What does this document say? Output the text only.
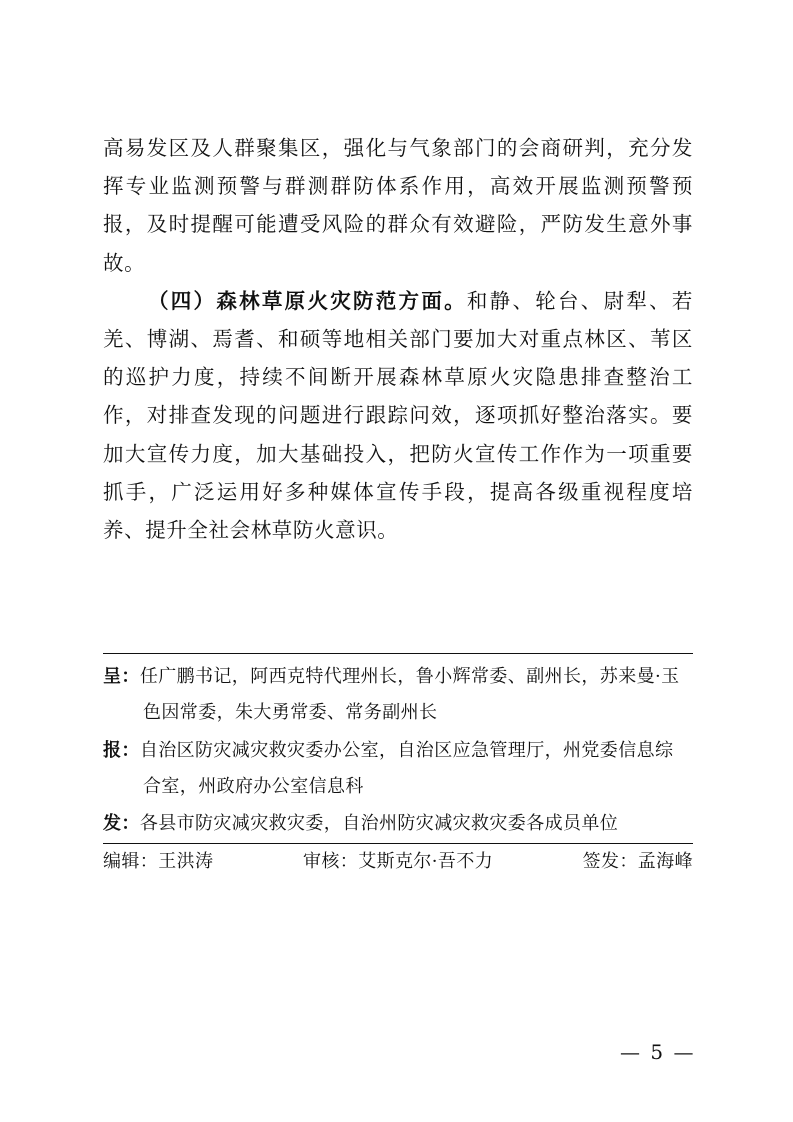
高易发区及人群聚集区，强化与气象部门的会商研判，充分发挥专业监测预警与群测群防体系作用，高效开展监测预警预报，及时提醒可能遭受风险的群众有效避险，严防发生意外事故。

（四）森林草原火灾防范方面。和静、轮台、尉犁、若羌、博湖、焉耆、和硕等地相关部门要加大对重点林区、苇区的巡护力度，持续不间断开展森林草原火灾隐患排查整治工作，对排查发现的问题进行跟踪问效，逐项抓好整治落实。要加大宣传力度，加大基础投入，把防火宣传工作作为一项重要抓手，广泛运用好多种媒体宣传手段，提高各级重视程度培养、提升全社会林草防火意识。

呈：任广鹏书记，阿西克特代理州长，鲁小辉常委、副州长，苏来曼·玉
色因常委，朱大勇常委、常务副州长
报：自治区防灾减灾救灾委办公室，自治区应急管理厅，州党委信息综
合室，州政府办公室信息科
发：各县市防灾减灾救灾委，自治州防灾减灾救灾委各成员单位
编辑：王洪涛	审核：艾斯克尔·吾不力	签发：孟海峰
— 5 —
